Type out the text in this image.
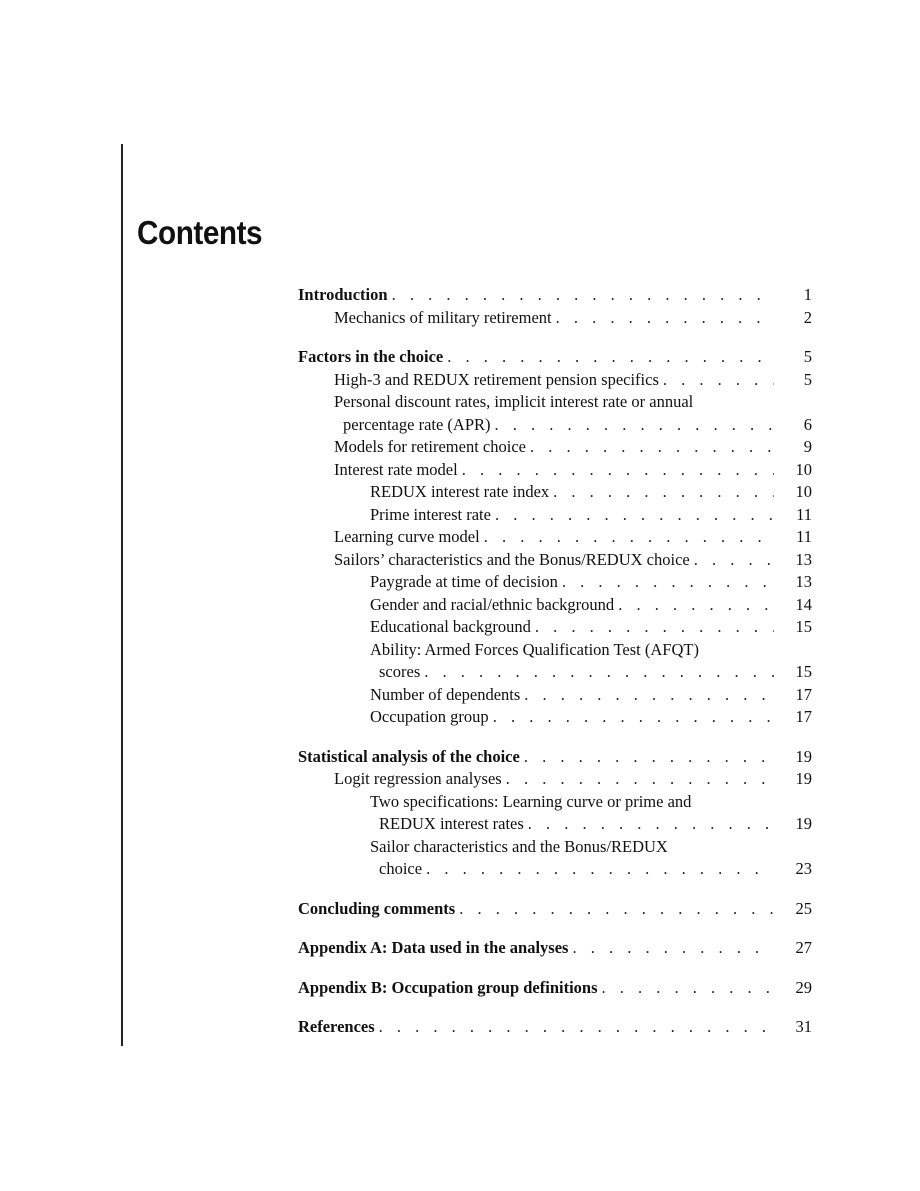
Contents
Introduction . . .	1
Mechanics of military retirement . . .	2
Factors in the choice . . .	5
High-3 and REDUX retirement pension specifics . . .	5
Personal discount rates, implicit interest rate or annual
percentage rate (APR) . . .	6
Models for retirement choice . . .	9
Interest rate model . . .	10
REDUX interest rate index . . .	10
Prime interest rate . . .	11
Learning curve model . . .	11
Sailors’ characteristics and the Bonus/REDUX choice . . .	13
Paygrade at time of decision . . .	13
Gender and racial/ethnic background . . .	14
Educational background . . .	15
Ability: Armed Forces Qualification Test (AFQT)
scores . . .	15
Number of dependents . . .	17
Occupation group . . .	17
Statistical analysis of the choice . . .	19
Logit regression analyses . . .	19
Two specifications: Learning curve or prime and
REDUX interest rates . . .	19
Sailor characteristics and the Bonus/REDUX
choice . . .	23
Concluding comments . . .	25
Appendix A: Data used in the analyses . . .	27
Appendix B: Occupation group definitions . . .	29
References . . .	31
